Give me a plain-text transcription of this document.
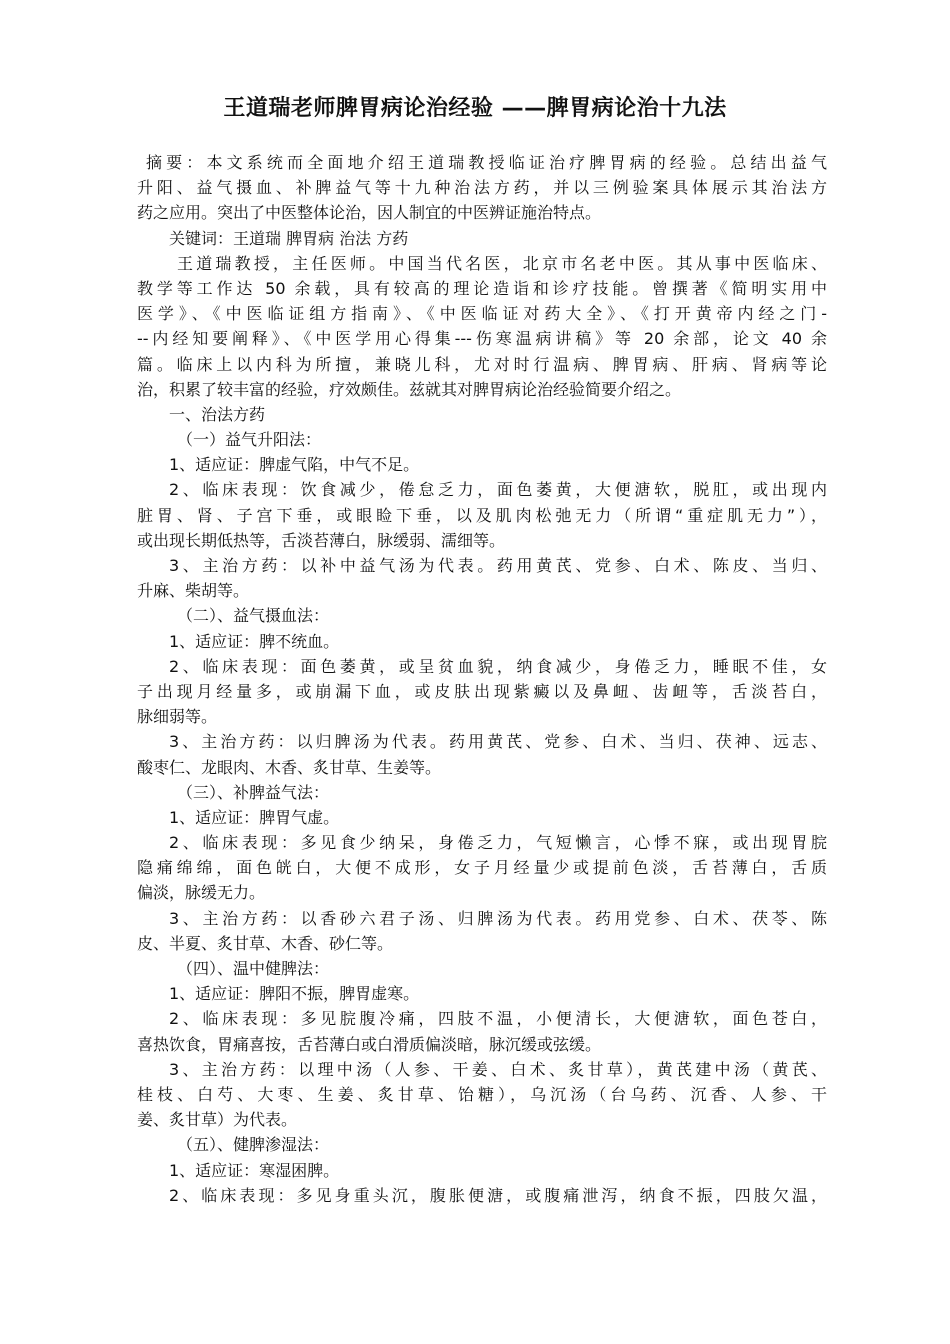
王道瑞老师脾胃病论治经验 ——脾胃病论治十九法
摘要：本文系统而全面地介绍王道瑞教授临证治疗脾胃病的经验。总结出益气
升阳、益气摄血、补脾益气等十九种治法方药，并以三例验案具体展示其治法方
药之应用。突出了中医整体论治，因人制宜的中医辨证施治特点。
关键词：王道瑞 脾胃病 治法 方药
王道瑞教授，主任医师。中国当代名医，北京市名老中医。其从事中医临床、
教学等工作达 50 余载，具有较高的理论造诣和诊疗技能。曾撰著《简明实用中
医学》、《中医临证组方指南》、《中医临证对药大全》、《打开黄帝内经之门-
--内经知要阐释》、《中医学用心得集---伤寒温病讲稿》等 20 余部，论文 40 余
篇。临床上以内科为所擅，兼晓儿科，尤对时行温病、脾胃病、肝病、肾病等论
治，积累了较丰富的经验，疗效颇佳。兹就其对脾胃病论治经验简要介绍之。
一、治法方药
（一）益气升阳法：
1、适应证：脾虚气陷，中气不足。
2、临床表现：饮食减少，倦怠乏力，面色萎黄，大便溏软，脱肛，或出现内
脏胃、肾、子宫下垂，或眼睑下垂，以及肌肉松弛无力（所谓“重症肌无力”），
或出现长期低热等，舌淡苔薄白，脉缓弱、濡细等。
3、主治方药：以补中益气汤为代表。药用黄芪、党参、白术、陈皮、当归、
升麻、柴胡等。
（二）、益气摄血法：
1、适应证：脾不统血。
2、临床表现：面色萎黄，或呈贫血貌，纳食减少，身倦乏力，睡眠不佳，女
子出现月经量多，或崩漏下血，或皮肤出现紫癜以及鼻衄、齿衄等，舌淡苔白，
脉细弱等。
3、主治方药：以归脾汤为代表。药用黄芪、党参、白术、当归、茯神、远志、
酸枣仁、龙眼肉、木香、炙甘草、生姜等。
（三）、补脾益气法：
1、适应证：脾胃气虚。
2、临床表现：多见食少纳呆，身倦乏力，气短懒言，心悸不寐，或出现胃脘
隐痛绵绵，面色㿠白，大便不成形，女子月经量少或提前色淡，舌苔薄白，舌质
偏淡，脉缓无力。
3、主治方药：以香砂六君子汤、归脾汤为代表。药用党参、白术、茯苓、陈
皮、半夏、炙甘草、木香、砂仁等。
（四）、温中健脾法：
1、适应证：脾阳不振，脾胃虚寒。
2、临床表现：多见脘腹冷痛，四肢不温，小便清长，大便溏软，面色苍白，
喜热饮食，胃痛喜按，舌苔薄白或白滑质偏淡暗，脉沉缓或弦缓。
3、主治方药：以理中汤（人参、干姜、白术、炙甘草），黄芪建中汤（黄芪、
桂枝、白芍、大枣、生姜、炙甘草、饴糖），乌沉汤（台乌药、沉香、人参、干
姜、炙甘草）为代表。
（五）、健脾渗湿法：
1、适应证：寒湿困脾。
2、临床表现：多见身重头沉，腹胀便溏，或腹痛泄泻，纳食不振，四肢欠温，
